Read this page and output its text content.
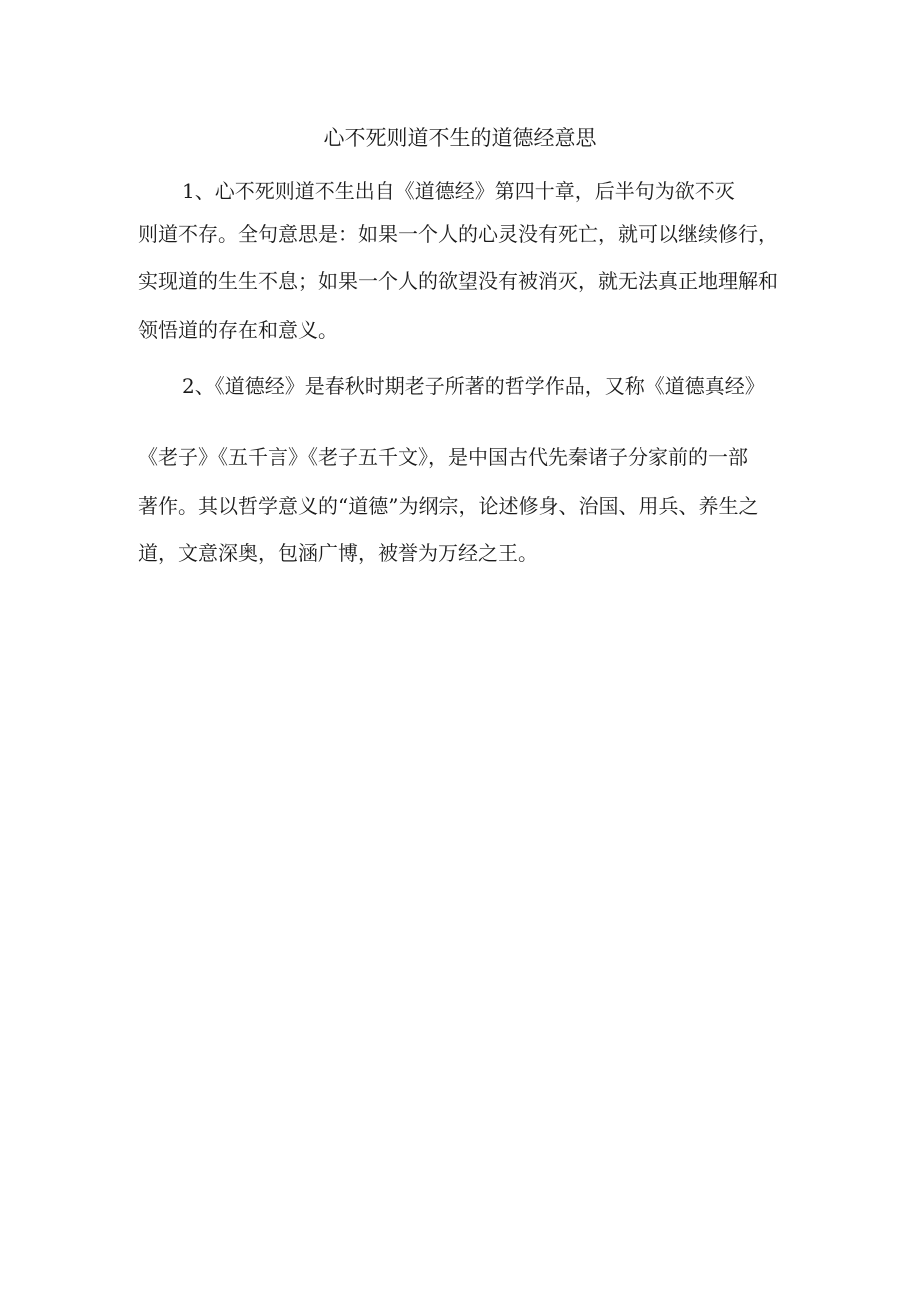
心不死则道不生的道德经意思
1、心不死则道不生出自《道德经》第四十章，后半句为欲不灭
则道不存。全句意思是：如果一个人的心灵没有死亡，就可以继续修行，
实现道的生生不息；如果一个人的欲望没有被消灭，就无法真正地理解和
领悟道的存在和意义。
2、《道德经》是春秋时期老子所著的哲学作品，又称《道德真经》
《老子》《五千言》《老子五千文》，是中国古代先秦诸子分家前的一部
著作。其以哲学意义的“道德”为纲宗，论述修身、治国、用兵、养生之
道，文意深奥，包涵广博，被誉为万经之王。
